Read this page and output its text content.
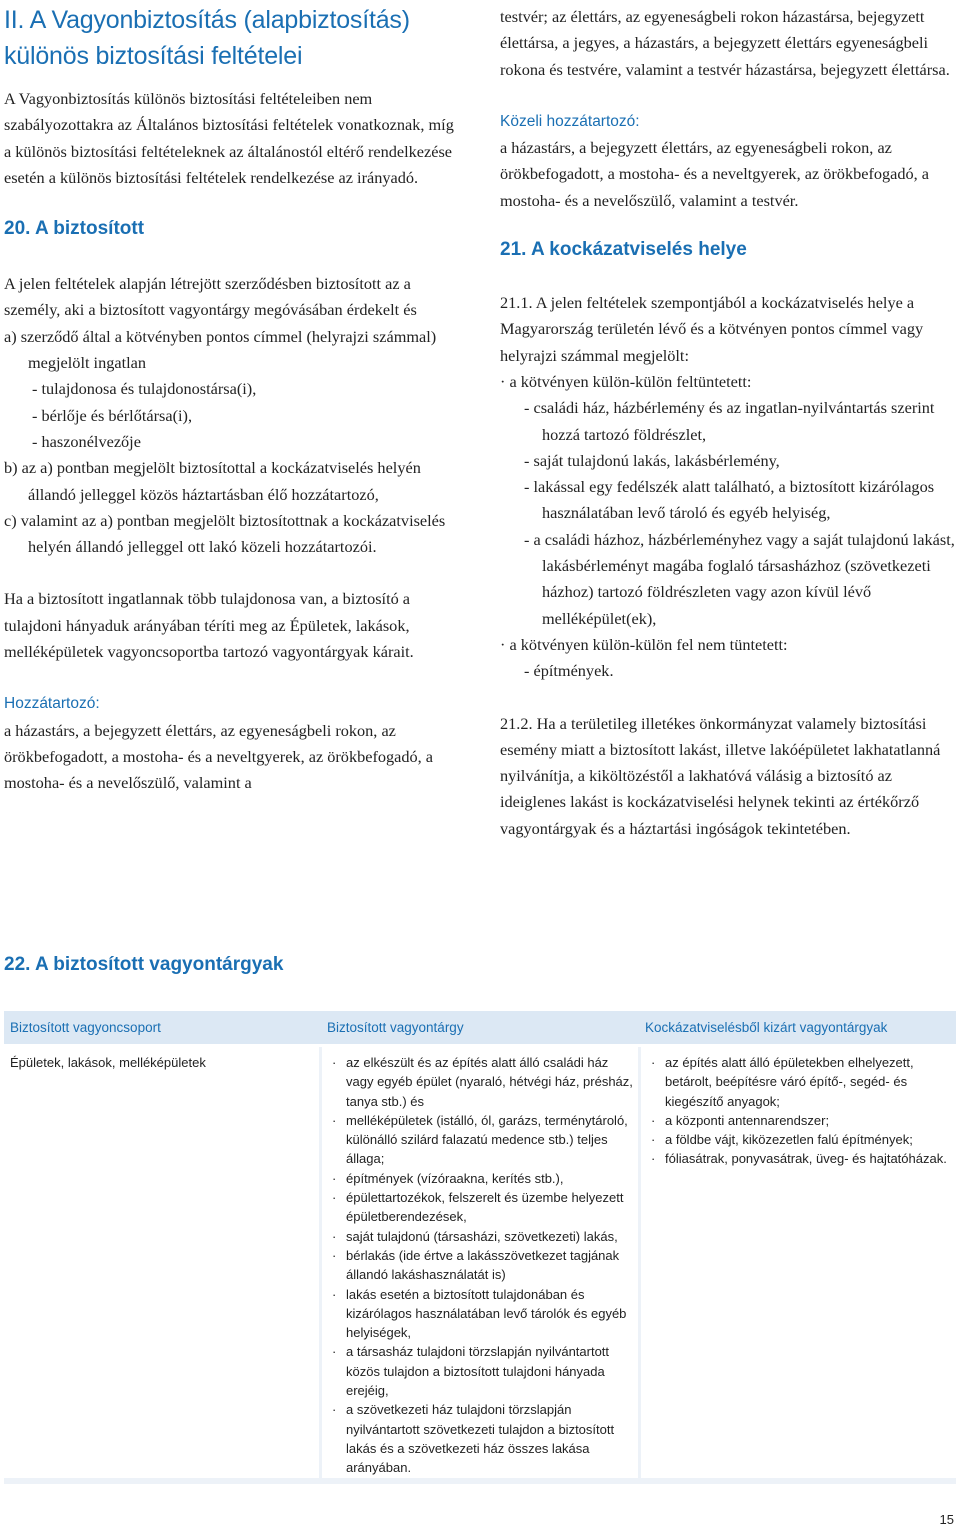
II. A Vagyonbiztosítás (alapbiztosítás) különös biztosítási feltételei

A Vagyonbiztosítás különös biztosítási feltételeiben nem szabályozottakra az Általános biztosítási feltételek vonatkoznak, míg a különös biztosítási feltételeknek az általánostól eltérő rendelkezése esetén a különös biztosítási feltételek rendelkezése az irányadó.

20. A biztosított

A jelen feltételek alapján létrejött szerződésben biztosított az a személy, aki a biztosított vagyontárgy megóvásában érdekelt és

a) szerződő által a kötvényben pontos címmel (helyrajzi számmal) megjelölt ingatlan

- tulajdonosa és tulajdonostársa(i),

- bérlője és bérlőtársa(i),

- haszonélvezője

b) az a) pontban megjelölt biztosítottal a kockázatviselés helyén állandó jelleggel közös háztartásban élő hozzátartozó,

c) valamint az a) pontban megjelölt biztosítottnak a kockázatviselés helyén állandó jelleggel ott lakó közeli hozzátartozói.

Ha a biztosított ingatlannak több tulajdonosa van, a biztosító a tulajdoni hányaduk arányában téríti meg az Épületek, lakások, melléképületek vagyoncsoportba tartozó vagyontárgyak kárait.

Hozzátartozó:

a házastárs, a bejegyzett élettárs, az egyeneságbeli rokon, az örökbefogadott, a mostoha- és a neveltgyerek, az örökbefogadó, a mostoha- és a nevelőszülő, valamint a

testvér; az élettárs, az egyeneságbeli rokon házastársa, bejegyzett élettársa, a jegyes, a házastárs, a bejegyzett élettárs egyeneságbeli rokona és testvére, valamint a testvér házastársa, bejegyzett élettársa.

Közeli hozzátartozó:

a házastárs, a bejegyzett élettárs, az egyeneságbeli rokon, az örökbefogadott, a mostoha- és a neveltgyerek, az örökbefogadó, a mostoha- és a nevelőszülő, valamint a testvér.

21. A kockázatviselés helye

21.1. A jelen feltételek szempontjából a kockázatviselés helye a Magyarország területén lévő és a kötvényen pontos címmel vagy helyrajzi számmal megjelölt:

· a kötvényen külön-külön feltüntetett:

- családi ház, házbérlemény és az ingatlan-nyilvántartás szerint hozzá tartozó földrészlet,

- saját tulajdonú lakás, lakásbérlemény,

- lakással egy fedélszék alatt található, a biztosított kizárólagos használatában levő tároló és egyéb helyiség,

- a családi házhoz, házbérleményhez vagy a saját tulajdonú lakást, lakásbérleményt magába foglaló társasházhoz (szövetkezeti házhoz) tartozó földrészleten vagy azon kívül lévő melléképület(ek),

· a kötvényen külön-külön fel nem tüntetett:

- építmények.

21.2. Ha a területileg illetékes önkormányzat valamely biztosítási esemény miatt a biztosított lakást, illetve lakóépületet lakhatatlanná nyilvánítja, a kiköltözéstől a lakhatóvá válásig a biztosító az ideiglenes lakást is kockázatviselési helynek tekinti az értékőrző vagyontárgyak és a háztartási ingóságok tekintetében.

22. A biztosított vagyontárgyak
Biztosított vagyoncsoport	Biztosított vagyontárgy	Kockázatviselésből kizárt vagyontárgyak
Épületek, lakások, melléképületek
·	az elkészült és az építés alatt álló családi ház vagy egyéb épület (nyaraló, hétvégi ház, présház, tanya stb.) és
· melléképületek (istálló, ól, garázs, terménytároló, különálló szilárd falazatú medence stb.) teljes állaga;
· építmények (vízóraakna, kerítés stb.),
· épülettartozékok, felszerelt és üzembe helyezett épületberendezések,
· saját tulajdonú (társasházi, szövetkezeti) lakás,
· bérlakás (ide értve a lakásszövetkezet tagjának állandó lakáshasználatát is)
· lakás esetén a biztosított tulajdonában és kizárólagos használatában levő tárolók és egyéb helyiségek,
· a társasház tulajdoni törzslapján nyilvántartott közös tulajdon a biztosított tulajdoni hányada erejéig,
· a szövetkezeti ház tulajdoni törzslapján nyilvántartott szövetkezeti tulajdon a biztosított lakás és a szövetkezeti ház összes lakása arányában.
· az építés alatt álló épületekben elhelyezett, betárolt, beépítésre váró építő-, segéd- és kiegészítő anyagok;
· a központi antennarendszer;
· a földbe vájt, kiközezetlen falú építmények;
· fóliasátrak, ponyvasátrak, üveg- és hajtatóházak.
15
